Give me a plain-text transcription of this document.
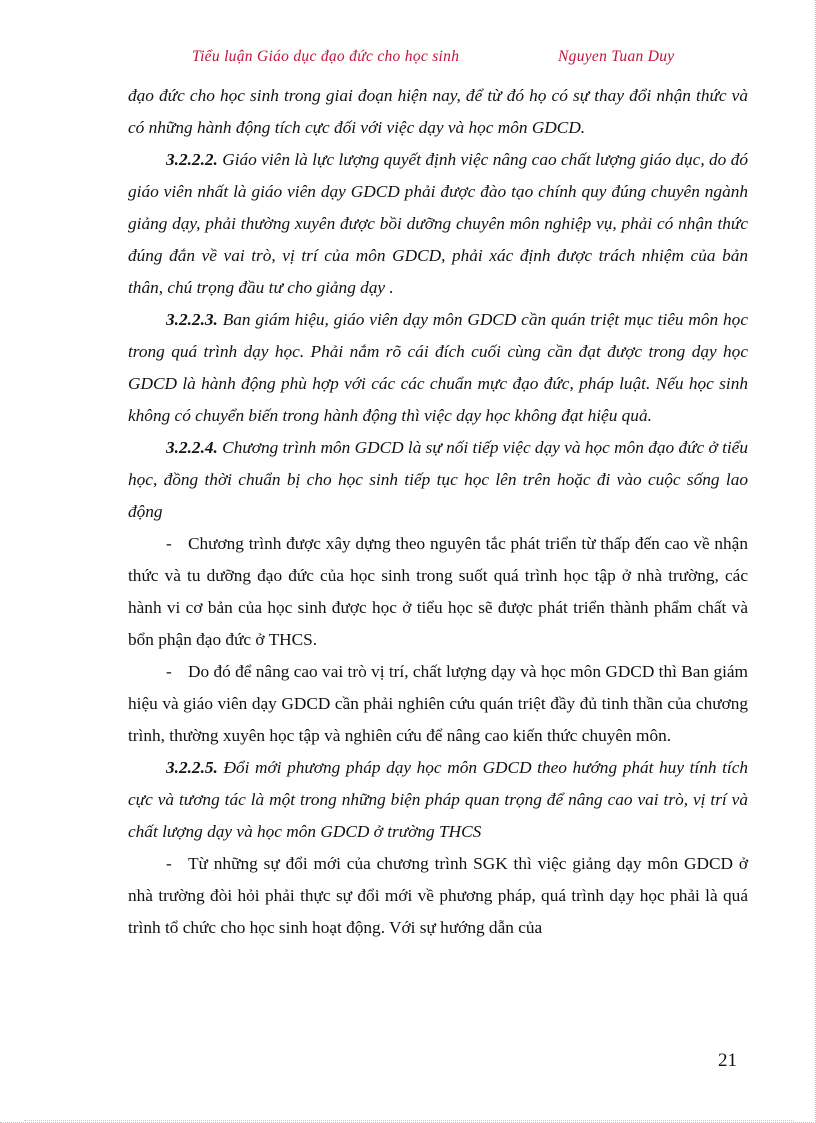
Tiểu luận Giáo dục đạo đức cho học sinh	Nguyen Tuan Duy

đạo đức cho học sinh trong giai đoạn hiện nay, để từ đó họ có sự thay đổi nhận thức và có những hành động tích cực đối với việc dạy và học môn GDCD.

3.2.2.2. Giáo viên là lực lượng quyết định việc nâng cao chất lượng giáo dục, do đó giáo viên nhất là giáo viên dạy GDCD phải được đào tạo chính quy đúng chuyên ngành giảng dạy, phải thường xuyên được bồi dưỡng chuyên môn nghiệp vụ, phải có nhận thức đúng đắn về vai trò, vị trí của môn GDCD, phải xác định được trách nhiệm của bản thân, chú trọng đầu tư cho giảng dạy .

3.2.2.3. Ban giám hiệu, giáo viên dạy môn GDCD cần quán triệt mục tiêu môn học trong quá trình dạy học. Phải nắm rõ cái đích cuối cùng cần đạt được trong dạy học GDCD là hành động phù hợp với các các chuẩn mực đạo đức, pháp luật. Nếu học sinh không có chuyển biến trong hành động thì việc dạy học không đạt hiệu quả.

3.2.2.4. Chương trình môn GDCD là sự nối tiếp việc dạy và học môn đạo đức ở tiểu học, đồng thời chuẩn bị cho học sinh tiếp tục học lên trên hoặc đi vào cuộc sống lao động

- Chương trình được xây dựng theo nguyên tắc phát triển từ thấp đến cao về nhận thức và tu dưỡng đạo đức của học sinh trong suốt quá trình học tập ở nhà trường, các hành vi cơ bản của học sinh được học ở tiểu học sẽ được phát triển thành phẩm chất và bổn phận đạo đức ở THCS.

- Do đó để nâng cao vai trò vị trí, chất lượng dạy và học môn GDCD thì Ban giám hiệu và giáo viên dạy GDCD cần phải nghiên cứu quán triệt đầy đủ tinh thần của chương trình, thường xuyên học tập và nghiên cứu để nâng cao kiến thức chuyên môn.

3.2.2.5. Đổi mới phương pháp dạy học môn GDCD theo hướng phát huy tính tích cực và tương tác là một trong những biện pháp quan trọng để nâng cao vai trò, vị trí và chất lượng dạy và học môn GDCD ở trường THCS

- Từ những sự đổi mới của chương trình SGK thì việc giảng dạy môn GDCD ở nhà trường đòi hỏi phải thực sự đổi mới về phương pháp, quá trình dạy học phải là quá trình tổ chức cho học sinh hoạt động. Với sự hướng dẫn của

21
